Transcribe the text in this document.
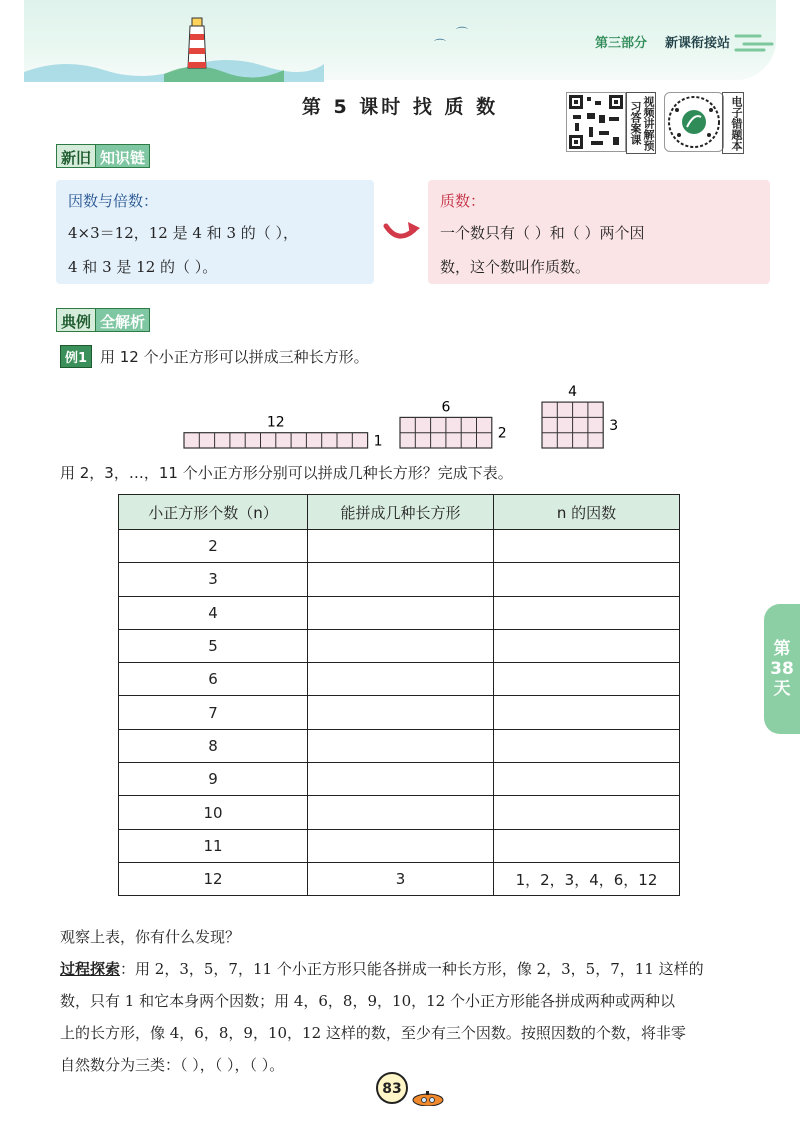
⌒
⌒
第三部分 新课衔接站
第 5 课时 找 质 数	视频讲解预习答案课	电子错题本
新旧 知识链
因数与倍数：
4×3＝12，12 是 4 和 3 的（ ），
4 和 3 是 12 的（ ）。
质数：
一个数只有（ ）和（ ）两个因
数，这个数叫作质数。
典例 全解析
例1 用 12 个小正方形可以拼成三种长方形。
12
1
6
2
4
3
用 2，3，…，11 个小正方形分别可以拼成几种长方形？完成下表。
小正方形个数（n）	能拼成几种长方形	n 的因数
2		
3		
4		
5		
6		
7		
8		
9		
10		
11		
12	3	1，2，3，4，6，12
观察上表，你有什么发现？
过程探索：用 2，3，5，7，11 个小正方形只能各拼成一种长方形，像 2，3，5，7，11 这样的
数，只有 1 和它本身两个因数；用 4，6，8，9，10，12 个小正方形能各拼成两种或两种以
上的长方形，像 4，6，8，9，10，12 这样的数，至少有三个因数。按照因数的个数，将非零
自然数分为三类：（ ），（ ），（ ）。
第
38
天
83
